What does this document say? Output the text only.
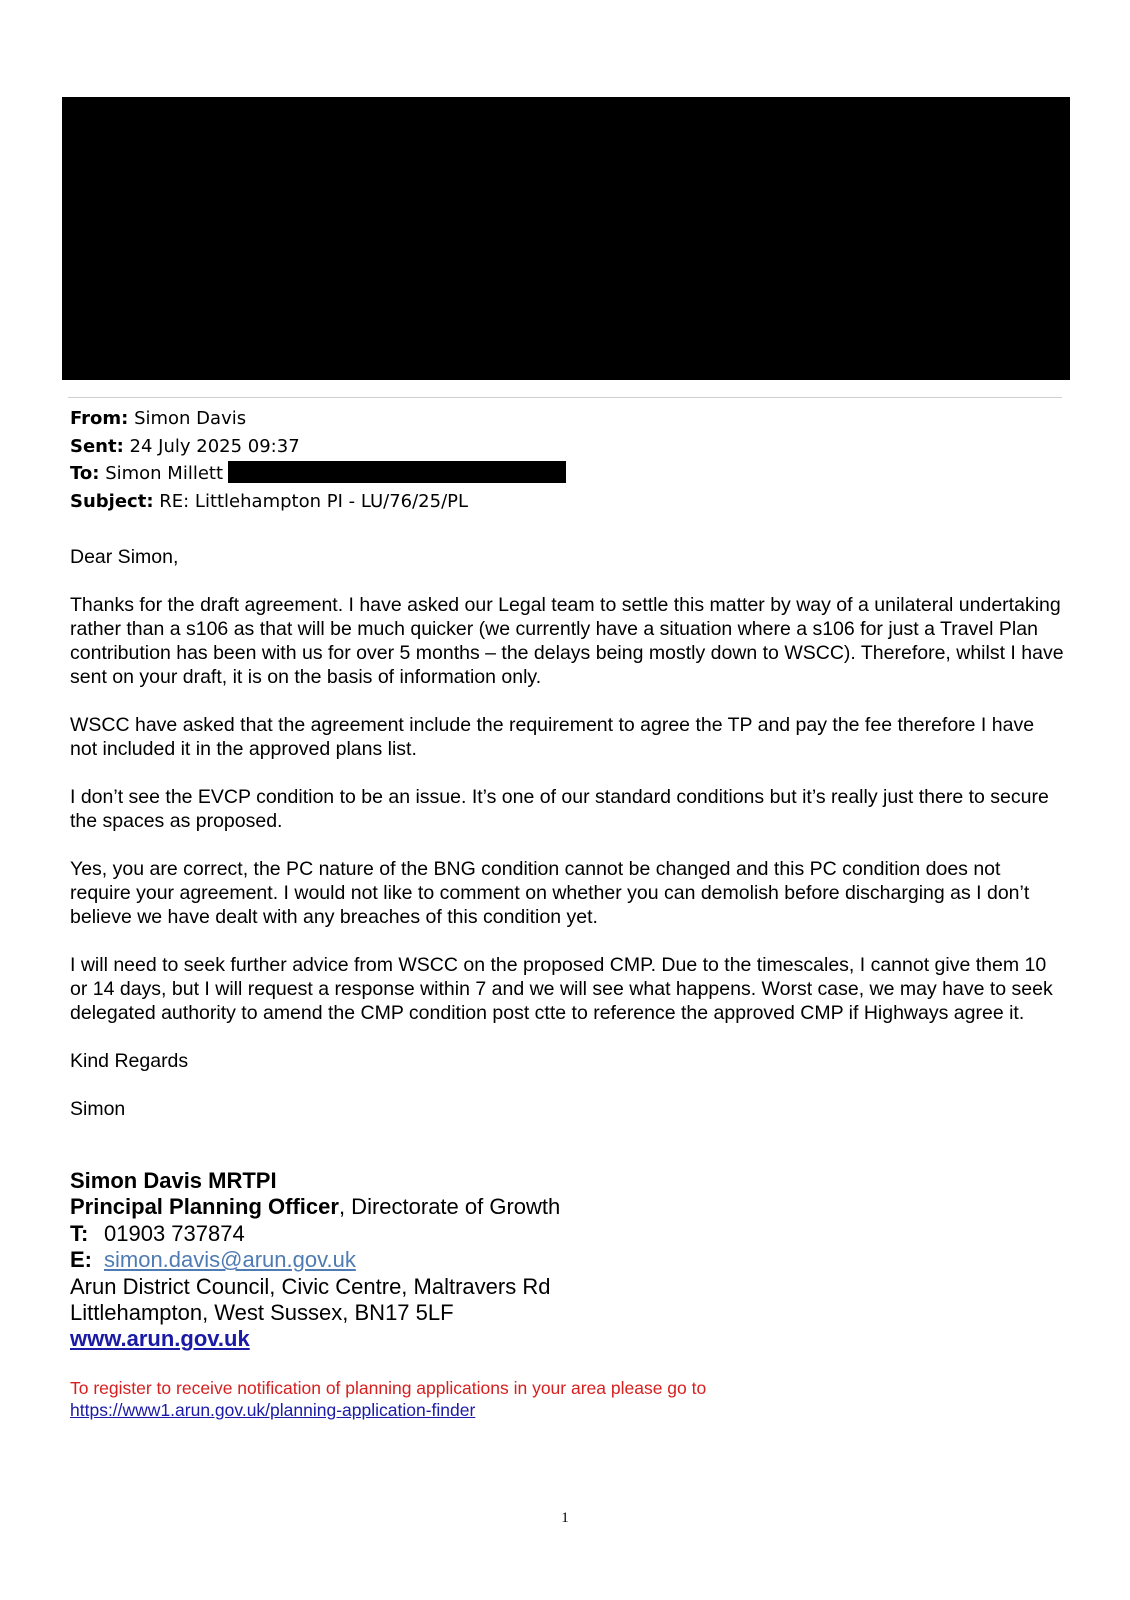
From: Simon Davis
Sent: 24 July 2025 09:37
To: Simon Millett
Subject: RE: Littlehampton PI - LU/76/25/PL

Dear Simon,

Thanks for the draft agreement. I have asked our Legal team to settle this matter by way of a unilateral undertaking rather than a s106 as that will be much quicker (we currently have a situation where a s106 for just a Travel Plan contribution has been with us for over 5 months – the delays being mostly down to WSCC). Therefore, whilst I have sent on your draft, it is on the basis of information only.

WSCC have asked that the agreement include the requirement to agree the TP and pay the fee therefore I have not included it in the approved plans list.

I don’t see the EVCP condition to be an issue. It’s one of our standard conditions but it’s really just there to secure the spaces as proposed.

Yes, you are correct, the PC nature of the BNG condition cannot be changed and this PC condition does not require your agreement. I would not like to comment on whether you can demolish before discharging as I don’t believe we have dealt with any breaches of this condition yet.

I will need to seek further advice from WSCC on the proposed CMP. Due to the timescales, I cannot give them 10 or 14 days, but I will request a response within 7 and we will see what happens. Worst case, we may have to seek delegated authority to amend the CMP condition post ctte to reference the approved CMP if Highways agree it.

Kind Regards

Simon

Simon Davis MRTPI
Principal Planning Officer, Directorate of Growth
T: 01903 737874
E: simon.davis@arun.gov.uk
Arun District Council, Civic Centre, Maltravers Rd
Littlehampton, West Sussex, BN17 5LF
www.arun.gov.uk
To register to receive notification of planning applications in your area please go to
https://www1.arun.gov.uk/planning-application-finder
1
